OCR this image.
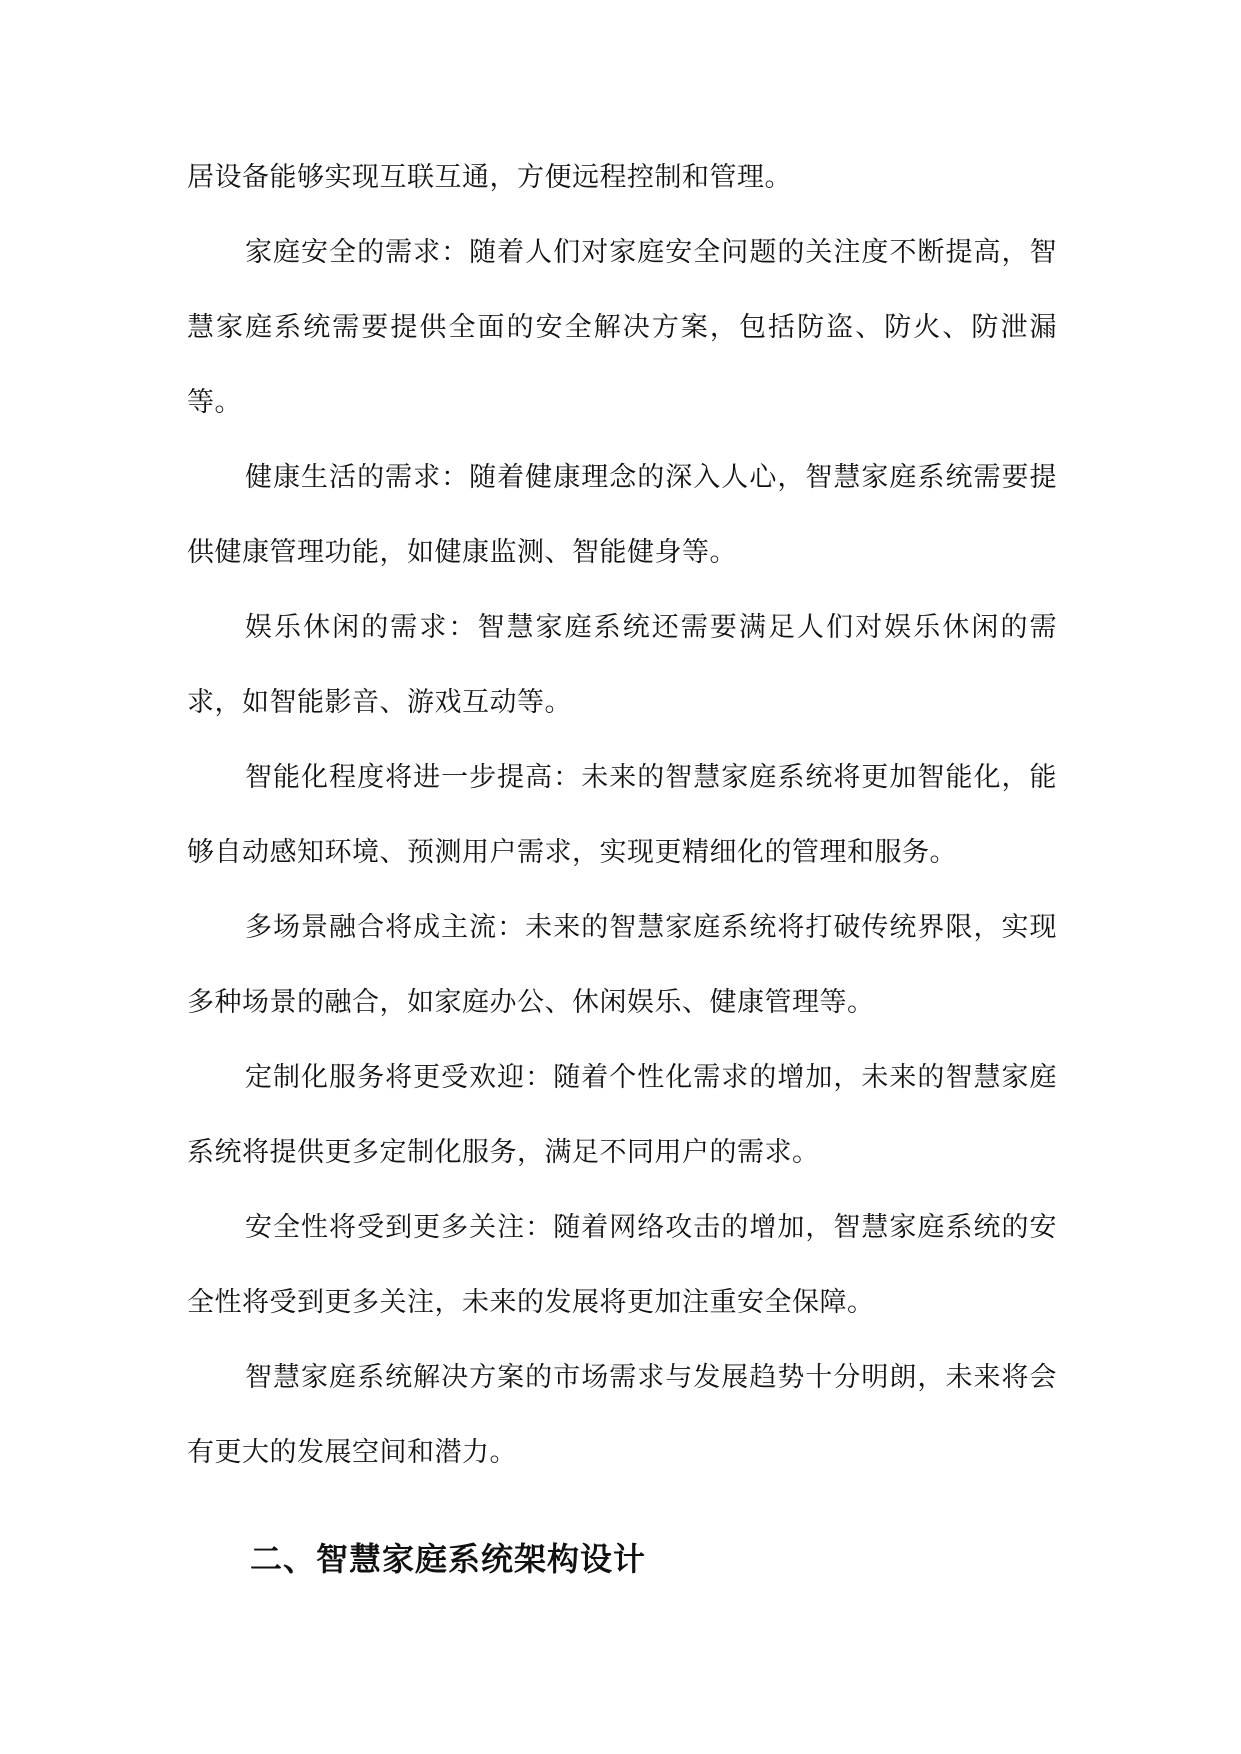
居设备能够实现互联互通，方便远程控制和管理。

家庭安全的需求：随着人们对家庭安全问题的关注度不断提高，智慧家庭系统需要提供全面的安全解决方案，包括防盗、防火、防泄漏等。

健康生活的需求：随着健康理念的深入人心，智慧家庭系统需要提供健康管理功能，如健康监测、智能健身等。

娱乐休闲的需求：智慧家庭系统还需要满足人们对娱乐休闲的需求，如智能影音、游戏互动等。

智能化程度将进一步提高：未来的智慧家庭系统将更加智能化，能够自动感知环境、预测用户需求，实现更精细化的管理和服务。

多场景融合将成主流：未来的智慧家庭系统将打破传统界限，实现多种场景的融合，如家庭办公、休闲娱乐、健康管理等。

定制化服务将更受欢迎：随着个性化需求的增加，未来的智慧家庭系统将提供更多定制化服务，满足不同用户的需求。

安全性将受到更多关注：随着网络攻击的增加，智慧家庭系统的安全性将受到更多关注，未来的发展将更加注重安全保障。

智慧家庭系统解决方案的市场需求与发展趋势十分明朗，未来将会有更大的发展空间和潜力。

二、智慧家庭系统架构设计
